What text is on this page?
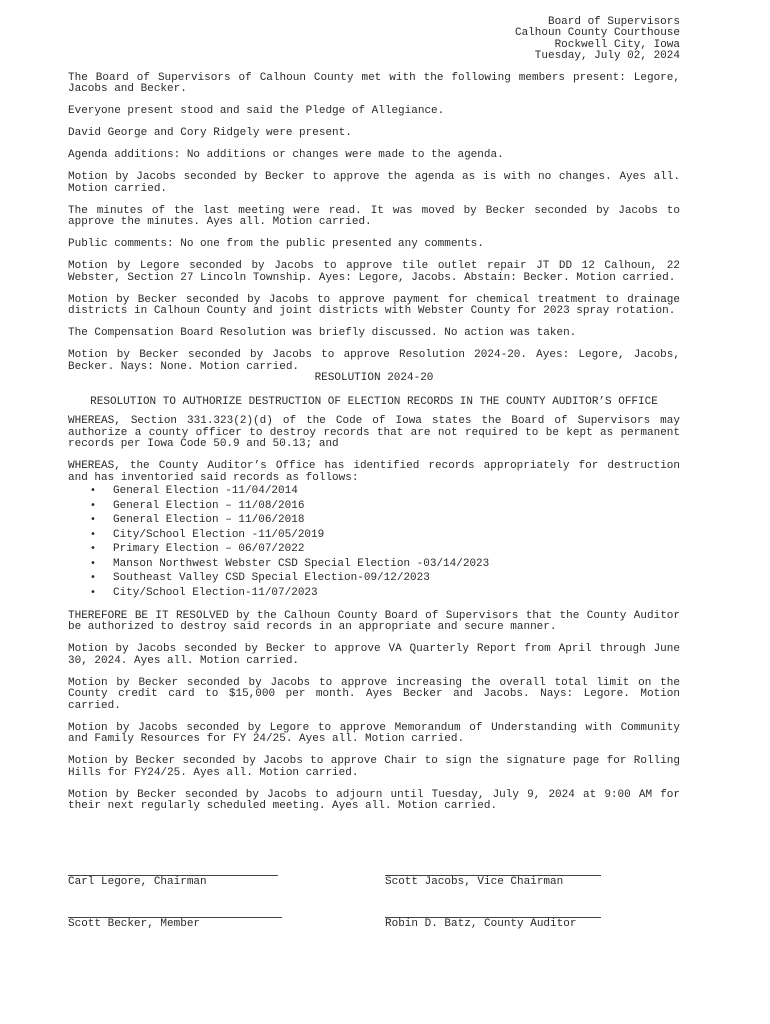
Board of Supervisors
Calhoun County Courthouse
Rockwell City, Iowa
Tuesday, July 02, 2024

The Board of Supervisors of Calhoun County met with the following members present: Legore, Jacobs and Becker.

Everyone present stood and said the Pledge of Allegiance.

David George and Cory Ridgely were present.

Agenda additions: No additions or changes were made to the agenda.

Motion by Jacobs seconded by Becker to approve the agenda as is with no changes. Ayes all. Motion carried.

The minutes of the last meeting were read. It was moved by Becker seconded by Jacobs to approve the minutes. Ayes all. Motion carried.

Public comments: No one from the public presented any comments.

Motion by Legore seconded by Jacobs to approve tile outlet repair JT DD 12 Calhoun, 22 Webster, Section 27 Lincoln Township. Ayes: Legore, Jacobs. Abstain: Becker. Motion carried.

Motion by Becker seconded by Jacobs to approve payment for chemical treatment to drainage districts in Calhoun County and joint districts with Webster County for 2023 spray rotation.

The Compensation Board Resolution was briefly discussed. No action was taken.

Motion by Becker seconded by Jacobs to approve Resolution 2024-20. Ayes: Legore, Jacobs, Becker. Nays: None. Motion carried.

RESOLUTION 2024-20
RESOLUTION TO AUTHORIZE DESTRUCTION OF ELECTION RECORDS IN THE COUNTY AUDITOR’S OFFICE

WHEREAS, Section 331.323(2)(d) of the Code of Iowa states the Board of Supervisors may authorize a county officer to destroy records that are not required to be kept as permanent records per Iowa Code 50.9 and 50.13; and

WHEREAS, the County Auditor’s Office has identified records appropriately for destruction and has inventoried said records as follows:

• General Election -11/04/2014
• General Election – 11/08/2016
• General Election – 11/06/2018
• City/School Election -11/05/2019
• Primary Election – 06/07/2022
• Manson Northwest Webster CSD Special Election -03/14/2023
• Southeast Valley CSD Special Election-09/12/2023
• City/School Election-11/07/2023

THEREFORE BE IT RESOLVED by the Calhoun County Board of Supervisors that the County Auditor be authorized to destroy said records in an appropriate and secure manner.

Motion by Jacobs seconded by Becker to approve VA Quarterly Report from April through June 30, 2024. Ayes all. Motion carried.

Motion by Becker seconded by Jacobs to approve increasing the overall total limit on the County credit card to $15,000 per month. Ayes Becker and Jacobs. Nays: Legore. Motion carried.

Motion by Jacobs seconded by Legore to approve Memorandum of Understanding with Community and Family Resources for FY 24/25. Ayes all. Motion carried.

Motion by Becker seconded by Jacobs to approve Chair to sign the signature page for Rolling Hills for FY24/25. Ayes all. Motion carried.

Motion by Becker seconded by Jacobs to adjourn until Tuesday, July 9, 2024 at 9:00 AM for their next regularly scheduled meeting. Ayes all. Motion carried.

Carl Legore, Chairman	Scott Jacobs, Vice Chairman
Scott Becker, Member	Robin D. Batz, County Auditor
